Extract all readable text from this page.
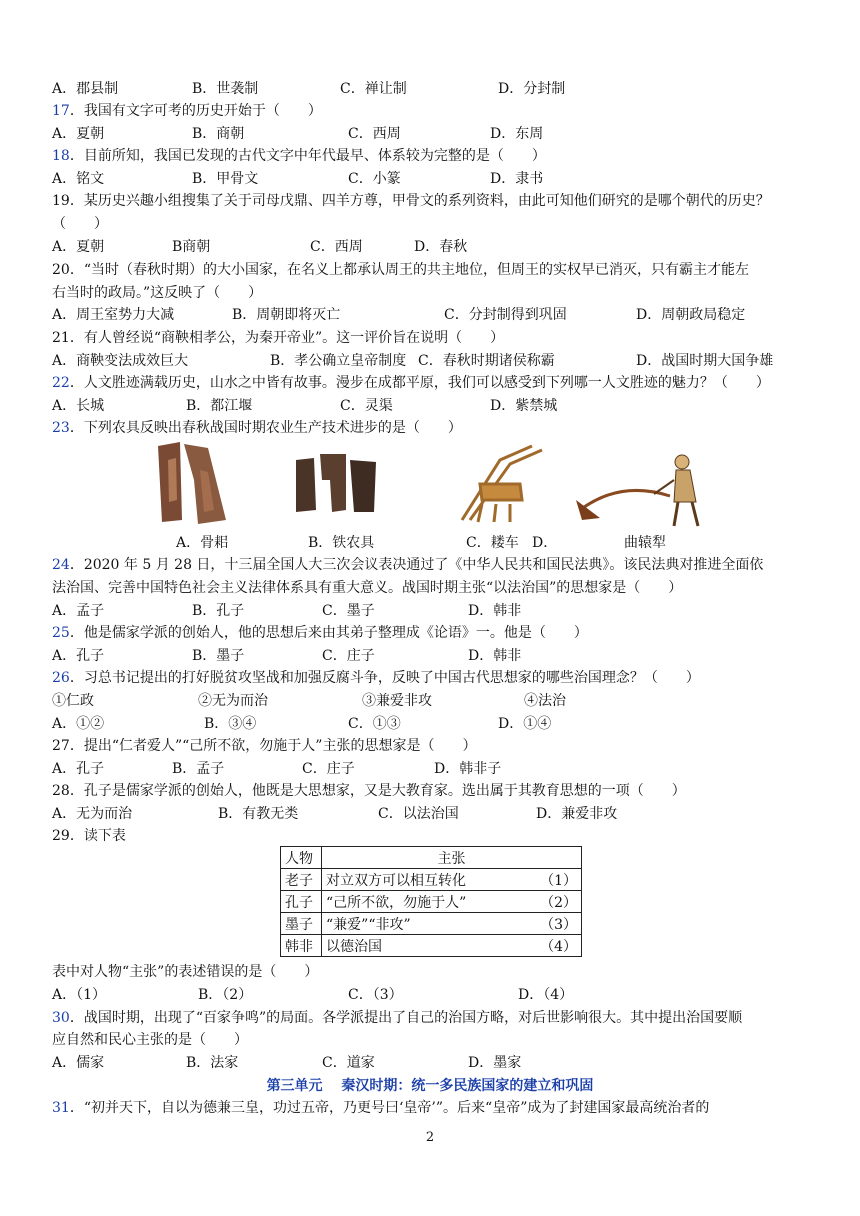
A．郡县制	B．世袭制	C．禅让制	D．分封制
17．我国有文字可考的历史开始于（　　）
A．夏朝	B．商朝	C．西周	D．东周
18．目前所知，我国已发现的古代文字中年代最早、体系较为完整的是（　　）
A．铭文	B．甲骨文	C．小篆	D．隶书
19．某历史兴趣小组搜集了关于司母戊鼎、四羊方尊，甲骨文的系列资料，由此可知他们研究的是哪个朝代的历史？
（　　）
A．夏朝	B商朝	C．西周	D．春秋
20．“当时（春秋时期）的大小国家，在名义上都承认周王的共主地位，但周王的实权早已消灭，只有霸主才能左
右当时的政局。”这反映了（　　）
A．周王室势力大减	B．周朝即将灭亡	C．分封制得到巩固	D．周朝政局稳定
21．有人曾经说“商鞅相孝公，为秦开帝业”。这一评价旨在说明（　　）
A．商鞅变法成效巨大	B．孝公确立皇帝制度 C．春秋时期诸侯称霸	D．战国时期大国争雄
22．人文胜迹满载历史，山水之中皆有故事。漫步在成都平原，我们可以感受到下列哪一人文胜迹的魅力？（　　）
A．长城	B．都江堰	C．灵渠	D．紫禁城
23．下列农具反映出春秋战国时期农业生产技术进步的是（　　）
A．骨耜	B．铁农具	C．耧车 D．	曲辕犁
24．2020 年 5 月 28 日，十三届全国人大三次会议表决通过了《中华人民共和国民法典》。该民法典对推进全面依
法治国、完善中国特色社会主义法律体系具有重大意义。战国时期主张“以法治国”的思想家是（　　）
A．孟子	B．孔子	C．墨子	D．韩非
25．他是儒家学派的创始人，他的思想后来由其弟子整理成《论语》一。他是（　　）
A．孔子	B．墨子	C．庄子	D．韩非
26．习总书记提出的打好脱贫攻坚战和加强反腐斗争，反映了中国古代思想家的哪些治国理念？（　　）
①仁政	②无为而治	③兼爱非攻	④法治
A．①②	B．③④	C．①③	D．①④
27．提出“仁者爱人”“己所不欲，勿施于人”主张的思想家是（　　）
A．孔子	B．孟子	C．庄子	D．韩非子
28．孔子是儒家学派的创始人，他既是大思想家，又是大教育家。选出属于其教育思想的一项（　　）
A．无为而治	B．有教无类	C．以法治国	D．兼爱非攻
29．读下表
人物	主张
老子	对立双方可以相互转化 （1）

孔子	“己所不欲，勿施于人” （2）

墨子	“兼爱”“非攻” （3）

韩非	以德治国 （4）
表中对人物“主张”的表述错误的是（　　）
A．（1）	B．（2）	C．（3）	D．（4）
30．战国时期，出现了“百家争鸣”的局面。各学派提出了自己的治国方略，对后世影响很大。其中提出治国要顺
应自然和民心主张的是（　　）
A．儒家	B．法家	C．道家	D．墨家
第三单元　 秦汉时期：统一多民族国家的建立和巩固
31．“初并天下，自以为德兼三皇，功过五帝，乃更号曰‘皇帝’”。后来“皇帝”成为了封建国家最高统治者的
2
